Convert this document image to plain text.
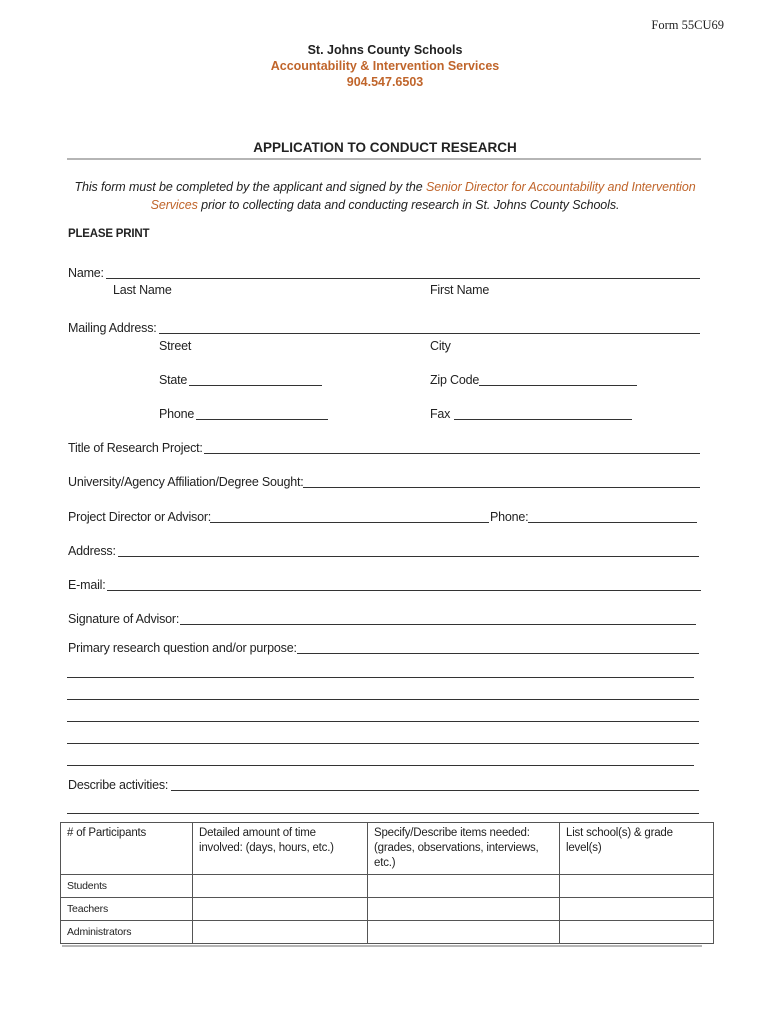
Form 55CU69
St. Johns County Schools
Accountability & Intervention Services
904.547.6503
APPLICATION TO CONDUCT RESEARCH
This form must be completed by the applicant and signed by the Senior Director for Accountability and Intervention Services prior to collecting data and conducting research in St. Johns County Schools.
PLEASE PRINT
Name:
Last Name	First Name
Mailing Address:
Street	City
State	Zip Code
Phone	Fax
Title of Research Project:
University/Agency Affiliation/Degree Sought:
Project Director or Advisor:	Phone:
Address:
E-mail:
Signature of Advisor:
Primary research question and/or purpose:
Describe activities:
# of Participants	Detailed amount of time involved: (days, hours, etc.)	Specify/Describe items needed: (grades, observations, interviews, etc.)	List school(s) & grade level(s)
Students			
Teachers			
Administrators			
